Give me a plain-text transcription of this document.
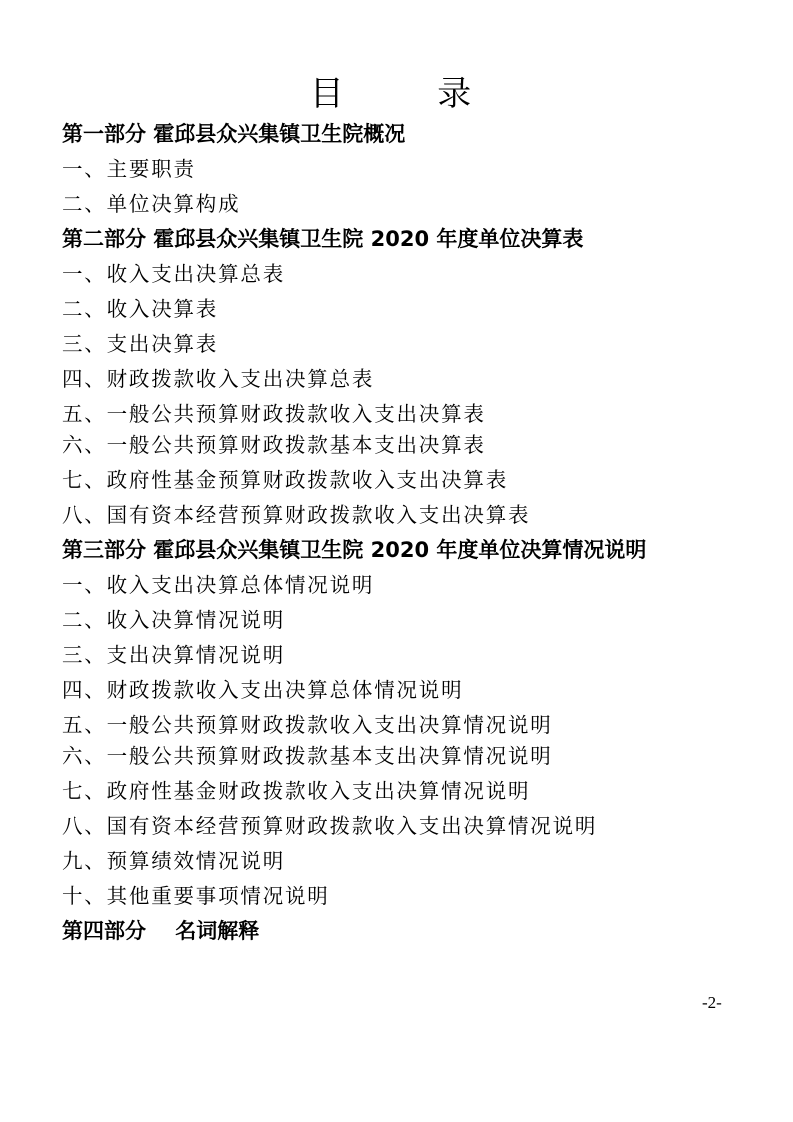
目  录
第一部分 霍邱县众兴集镇卫生院概况
一、主要职责
二、单位决算构成
第二部分 霍邱县众兴集镇卫生院 2020 年度单位决算表
一、收入支出决算总表
二、收入决算表
三、支出决算表
四、财政拨款收入支出决算总表
五、一般公共预算财政拨款收入支出决算表
六、一般公共预算财政拨款基本支出决算表
七、政府性基金预算财政拨款收入支出决算表
八、国有资本经营预算财政拨款收入支出决算表
第三部分 霍邱县众兴集镇卫生院 2020 年度单位决算情况说明
一、收入支出决算总体情况说明
二、收入决算情况说明
三、支出决算情况说明
四、财政拨款收入支出决算总体情况说明
五、一般公共预算财政拨款收入支出决算情况说明
六、一般公共预算财政拨款基本支出决算情况说明
七、政府性基金财政拨款收入支出决算情况说明
八、国有资本经营预算财政拨款收入支出决算情况说明
九、预算绩效情况说明
十、其他重要事项情况说明
第四部分    名词解释
-2-
